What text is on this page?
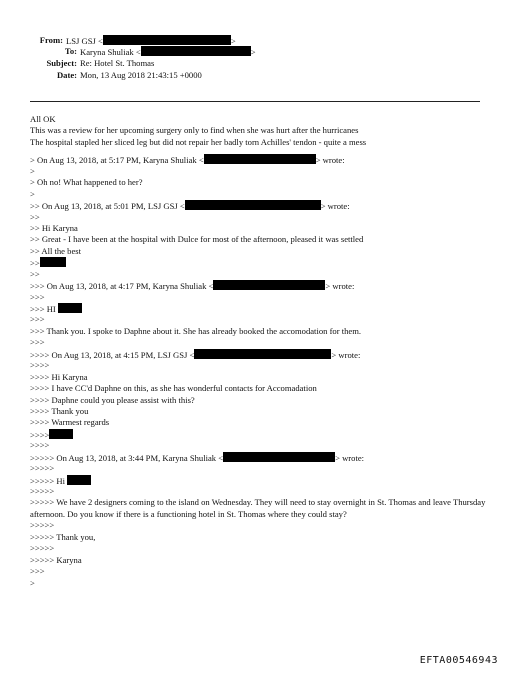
From: LSJ GSJ <	>
To: Karyna Shuliak <	>
Subject: Re: Hotel St. Thomas
Date: Mon, 13 Aug 2018 21:43:15 +0000
All OK
This was a review for her upcoming surgery only to find when she was hurt after the hurricanes
The hospital stapled her sliced leg but did not repair her badly torn Achilles' tendon - quite a mess
> On Aug 13, 2018, at 5:17 PM, Karyna Shuliak <	> wrote:
>
> Oh no! What happened to her?
>
>> On Aug 13, 2018, at 5:01 PM, LSJ GSJ <	> wrote:
>>
>> Hi Karyna
>> Great - I have been at the hospital with Dulce for most of the afternoon, pleased it was settled
>> All the best
>>
>>
>>> On Aug 13, 2018, at 4:17 PM, Karyna Shuliak <	> wrote:
>>>
>>> HI
>>>
>>> Thank you. I spoke to Daphne about it. She has already booked the accomodation for them.
>>>
>>>> On Aug 13, 2018, at 4:15 PM, LSJ GSJ <	> wrote:
>>>>
>>>> Hi Karyna
>>>> I have CC'd Daphne on this, as she has wonderful contacts for Accomadation
>>>> Daphne could you please assist with this?
>>>> Thank you
>>>> Warmest regards
>>>>
>>>>
>>>>> On Aug 13, 2018, at 3:44 PM, Karyna Shuliak <	> wrote:
>>>>>
>>>>> Hi
>>>>>
>>>>> We have 2 designers coming to the island on Wednesday. They will need to stay overnight in St. Thomas and leave Thursday afternoon. Do you know if there is a functioning hotel in St. Thomas where they could stay?
>>>>>
>>>>> Thank you,
>>>>>
>>>>> Karyna
>>>
>
EFTA00546943
